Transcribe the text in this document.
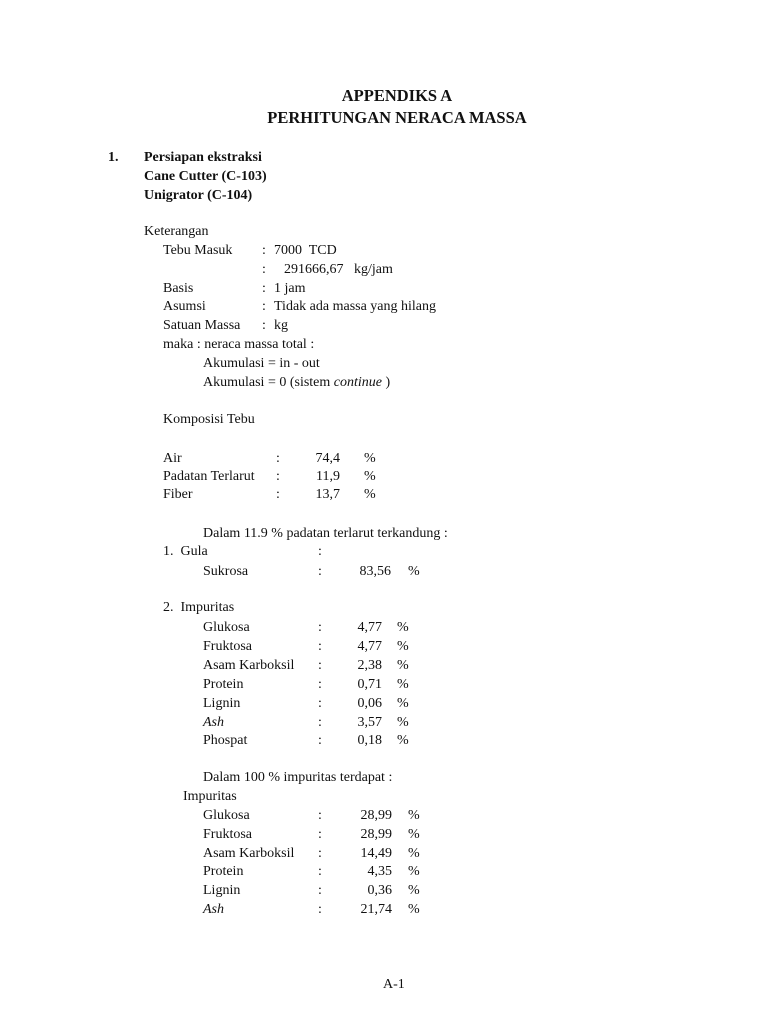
APPENDIKS A
PERHITUNGAN NERACA MASSA
1. Persiapan ekstraksi
Cane Cutter (C-103)
Unigrator (C-104)
Keterangan
maka : neraca massa total :
Akumulasi = in - out
Akumulasi = 0 (sistem continue )
Komposisi Tebu
Dalam 11.9 % padatan terlarut terkandung :
1.  Gula	:
Sukrosa	:	83,56 %
2.  Impuritas
Dalam 100 % impuritas terdapat :
Impuritas
A-1
Tebu Masuk : 7000  TCD
: 291666,67   kg/jam
Basis	: 1 jam
Asumsi	: Tidak ada massa yang hilang
Satuan Massa : kg
Air	:	74,4 %
Padatan Terlarut :	11,9 %
Fiber	:	13,7 %
Glukosa	:	4,77 %
Fruktosa	:	4,77 %
Asam Karboksil :	2,38 %
Protein	:	0,71 %
Lignin	:	0,06 %
Ash	:	3,57 %
Phospat	:	0,18 %
Glukosa	:	28,99 %
Fruktosa	:	28,99 %
Asam Karboksil :	14,49 %
Protein	:	4,35 %
Lignin	:	0,36 %
Ash	:	21,74 %
